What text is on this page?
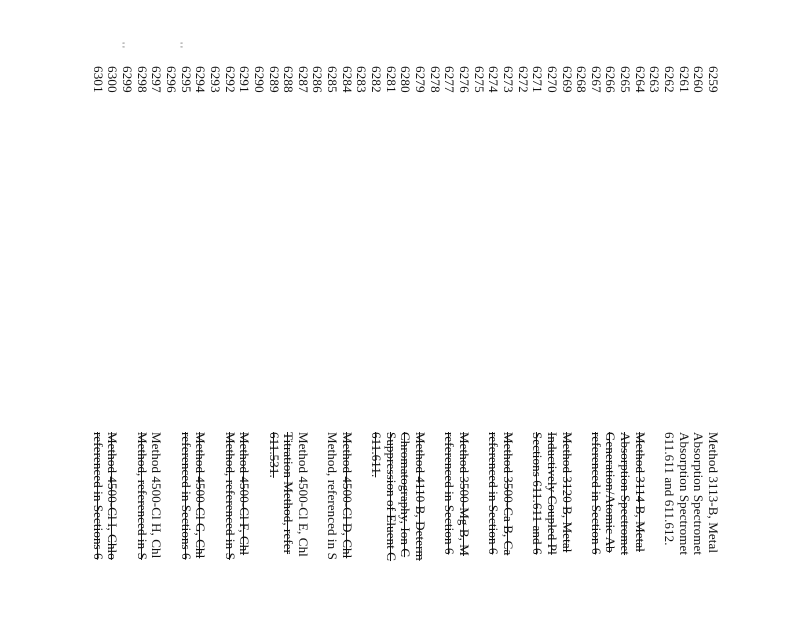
' '	' '
6259
6260
6261
6262
6263
6264
6265
6266
6267
6268
6269
6270
6271
6272
6273
6274
6275
6276
6277
6278
6279
6280
6281
6282
6283
6284
6285
6286
6287
6288
6289
6290
6291
6292
6293
6294
6295
6296
6297
6298
6299
6300
6301
Method 3113-B, Metal
Absorption Spectromet
Absorption Spectromet
611.611 and 611.612.
Method 3114 B, Metal
Absorption Spectromet
Generation/Atomic Ab
referenced in Section 6
Method 3120 B, Metal
Inductively Coupled Pl
Sections 611.611 and 6
Method 3500-Ca B, Ca
referenced in Section 6
Method 3500-Mg B, M
referenced in Section 6
Method 4110 B, Determ
Chromatography, Ion C
Suppression of Eluent C
611.611.
Method 4500-Cl D, Chl
Method, referenced in S
Method 4500-Cl E, Chl
Titration Method, refer
611.531.
Method 4500-Cl F, Chl
Method, referenced in S
Method 4500-Cl G, Chl
referenced in Sections 6
Method 4500-Cl H, Chl
Method, referenced in S
Method 4500-Cl I, Chlo
referenced in Sections 6
